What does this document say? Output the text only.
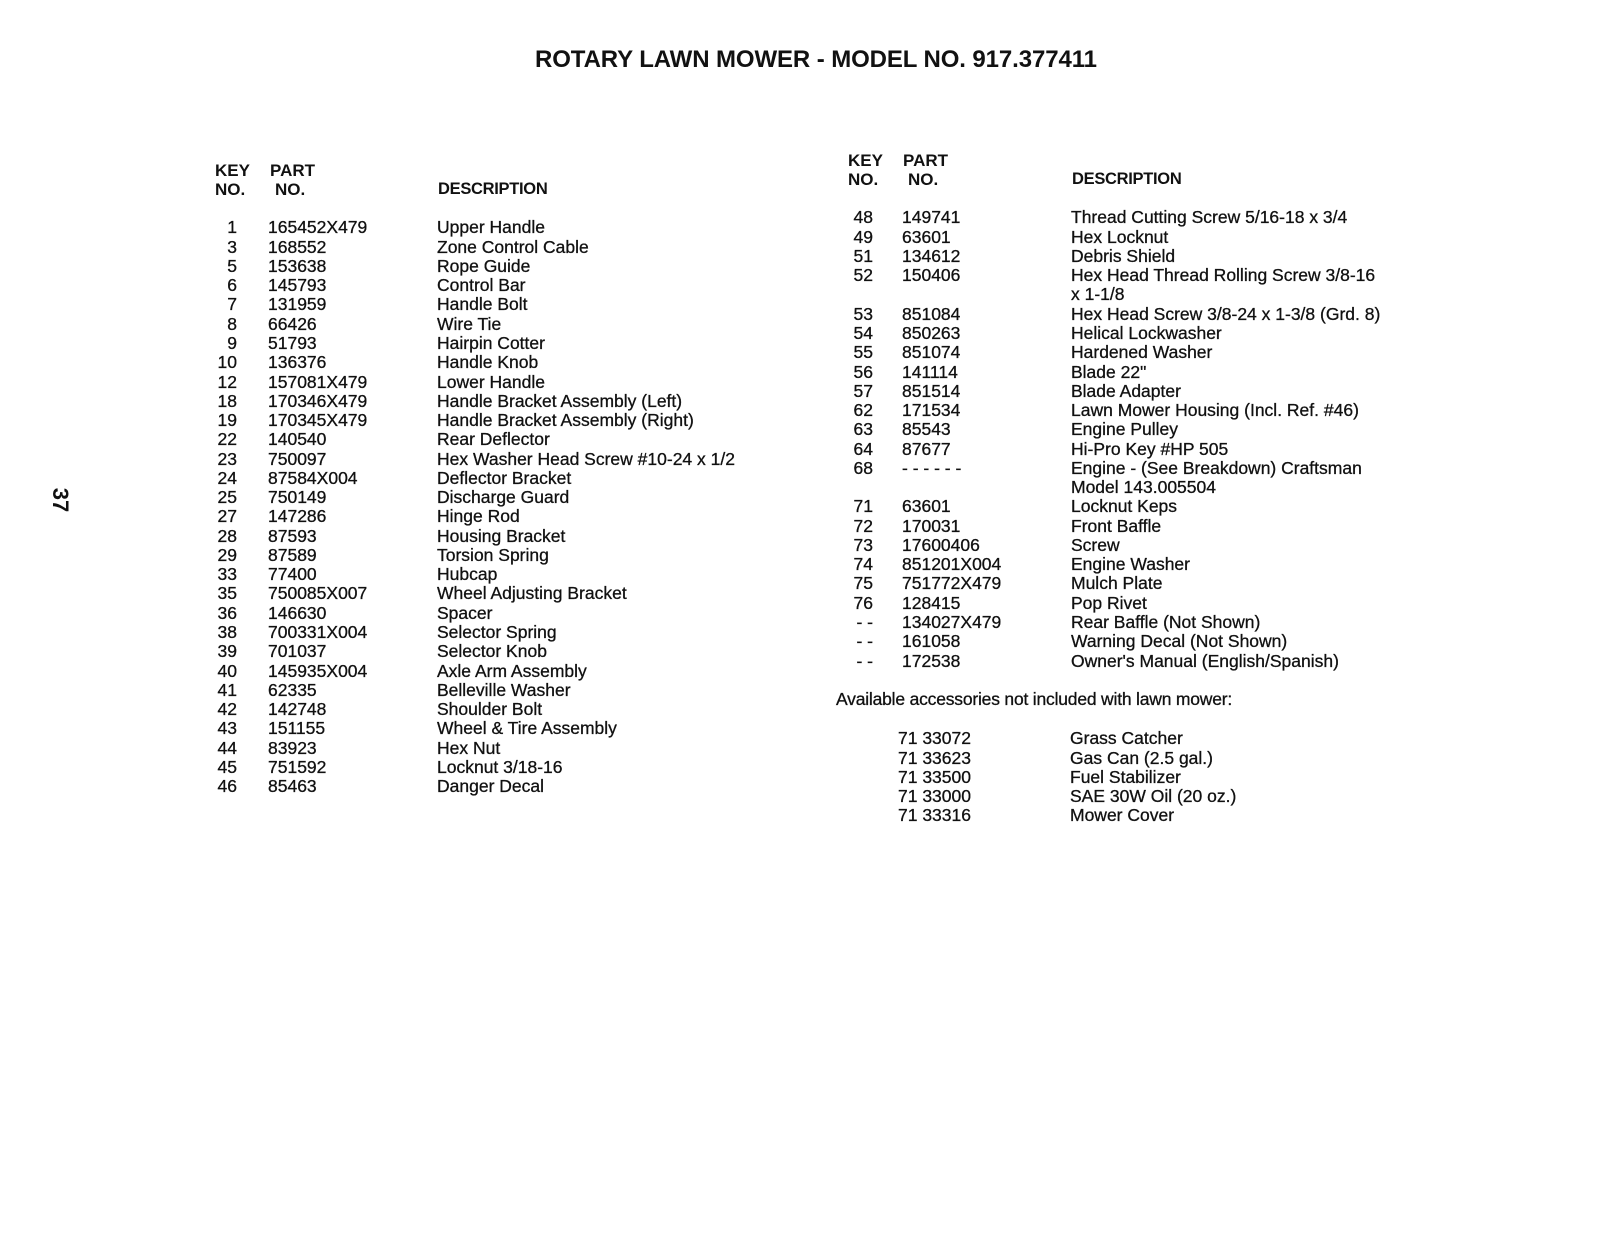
ROTARY LAWN MOWER - MODEL NO. 917.377411
37
KEY
NO.
PART
NO.	DESCRIPTION
KEY
NO.
PART
NO.	DESCRIPTION
1 165452X479	Upper Handle
3 168552	Zone Control Cable
5 153638	Rope Guide
6 145793	Control Bar
7 131959	Handle Bolt
8 66426	Wire Tie
9 51793	Hairpin Cotter
10 136376	Handle Knob
12 157081X479	Lower Handle
18 170346X479	Handle Bracket Assembly (Left)
19 170345X479	Handle Bracket Assembly (Right)
22 140540	Rear Deflector
23 750097	Hex Washer Head Screw #10-24 x 1/2
24 87584X004	Deflector Bracket
25 750149	Discharge Guard
27 147286	Hinge Rod
28 87593	Housing Bracket
29 87589	Torsion Spring
33 77400	Hubcap
35 750085X007	Wheel Adjusting Bracket
36 146630	Spacer
38 700331X004	Selector Spring
39 701037	Selector Knob
40 145935X004	Axle Arm Assembly
41 62335	Belleville Washer
42 142748	Shoulder Bolt
43 151155	Wheel & Tire Assembly
44 83923	Hex Nut
45 751592	Locknut 3/18-16
46 85463	Danger Decal
48 149741	Thread Cutting Screw 5/16-18 x 3/4
49 63601	Hex Locknut
51 134612	Debris Shield
52 150406	Hex Head Thread Rolling Screw 3/8-16
x 1-1/8
53 851084	Hex Head Screw 3/8-24 x 1-3/8 (Grd. 8)
54 850263	Helical Lockwasher
55 851074	Hardened Washer
56 141114	Blade 22"
57 851514	Blade Adapter
62 171534	Lawn Mower Housing (Incl. Ref. #46)
63 85543	Engine Pulley
64 87677	Hi-Pro Key #HP 505
68 - - - - - -	Engine - (See Breakdown) Craftsman
Model 143.005504
71 63601	Locknut Keps
72 170031	Front Baffle
73 17600406	Screw
74 851201X004	Engine Washer
75 751772X479	Mulch Plate
76 128415	Pop Rivet
- - 134027X479	Rear Baffle (Not Shown)
- - 161058	Warning Decal (Not Shown)
- - 172538	Owner's Manual (English/Spanish)
Available accessories not included with lawn mower:
71 33072	Grass Catcher
71 33623	Gas Can (2.5 gal.)
71 33500	Fuel Stabilizer
71 33000	SAE 30W Oil (20 oz.)
71 33316	Mower Cover
